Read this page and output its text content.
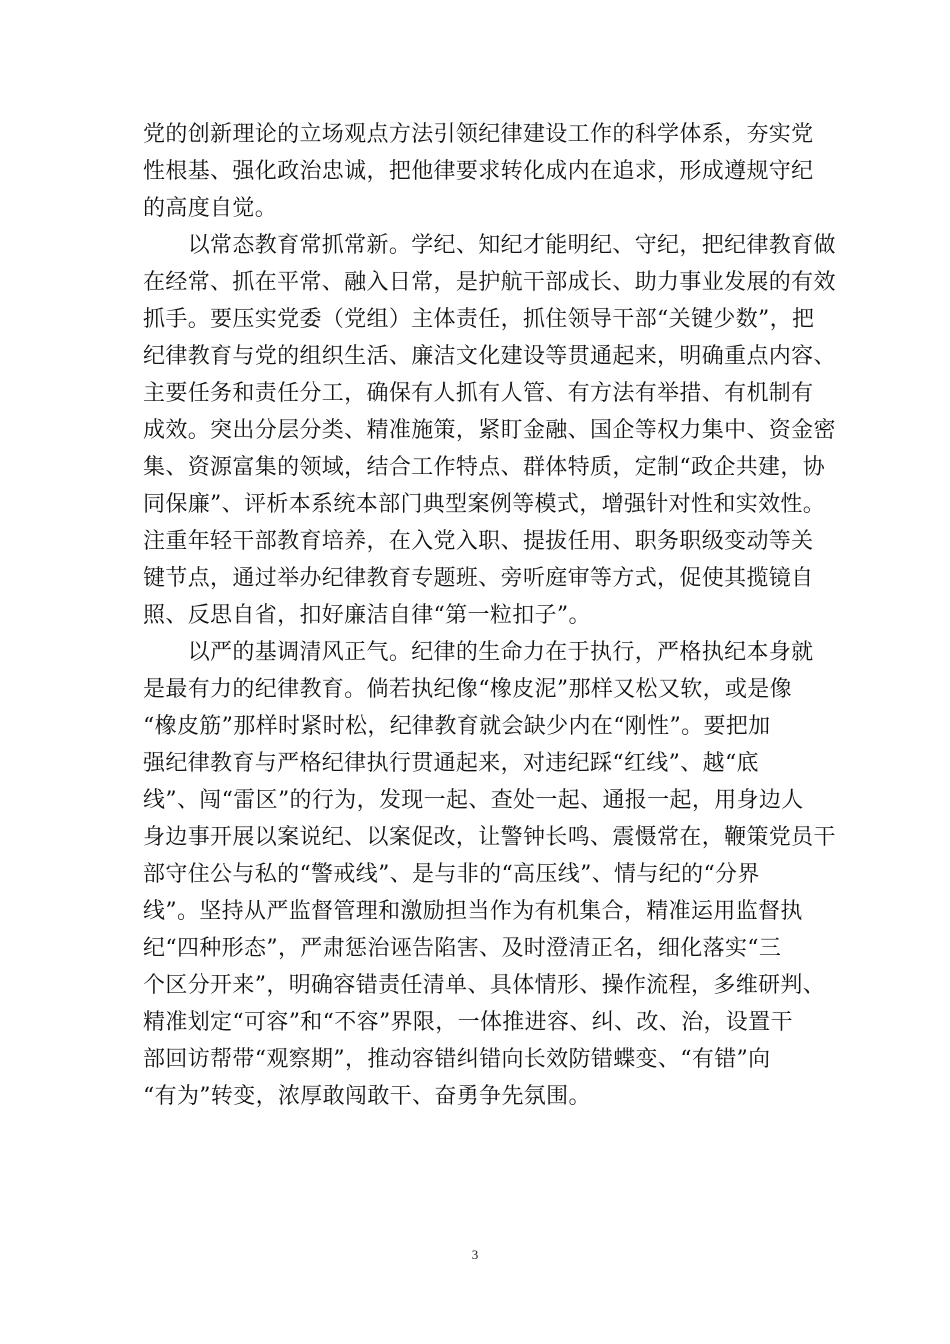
党的创新理论的立场观点方法引领纪律建设工作的科学体系，夯实党
性根基、强化政治忠诚，把他律要求转化成内在追求，形成遵规守纪
的高度自觉。
　　以常态教育常抓常新。学纪、知纪才能明纪、守纪，把纪律教育做
在经常、抓在平常、融入日常，是护航干部成长、助力事业发展的有效
抓手。要压实党委（党组）主体责任，抓住领导干部“关键少数”，把
纪律教育与党的组织生活、廉洁文化建设等贯通起来，明确重点内容、
主要任务和责任分工，确保有人抓有人管、有方法有举措、有机制有
成效。突出分层分类、精准施策，紧盯金融、国企等权力集中、资金密
集、资源富集的领域，结合工作特点、群体特质，定制“政企共建，协
同保廉”、评析本系统本部门典型案例等模式，增强针对性和实效性。
注重年轻干部教育培养，在入党入职、提拔任用、职务职级变动等关
键节点，通过举办纪律教育专题班、旁听庭审等方式，促使其揽镜自
照、反思自省，扣好廉洁自律“第一粒扣子”。
　　以严的基调清风正气。纪律的生命力在于执行，严格执纪本身就
是最有力的纪律教育。倘若执纪像“橡皮泥”那样又松又软，或是像
“橡皮筋”那样时紧时松，纪律教育就会缺少内在“刚性”。要把加
强纪律教育与严格纪律执行贯通起来，对违纪踩“红线”、越“底
线”、闯“雷区”的行为，发现一起、查处一起、通报一起，用身边人
身边事开展以案说纪、以案促改，让警钟长鸣、震慑常在，鞭策党员干
部守住公与私的“警戒线”、是与非的“高压线”、情与纪的“分界
线”。坚持从严监督管理和激励担当作为有机集合，精准运用监督执
纪“四种形态”，严肃惩治诬告陷害、及时澄清正名，细化落实“三
个区分开来”，明确容错责任清单、具体情形、操作流程，多维研判、
精准划定“可容”和“不容”界限，一体推进容、纠、改、治，设置干
部回访帮带“观察期”，推动容错纠错向长效防错蝶变、“有错”向
“有为”转变，浓厚敢闯敢干、奋勇争先氛围。
3
